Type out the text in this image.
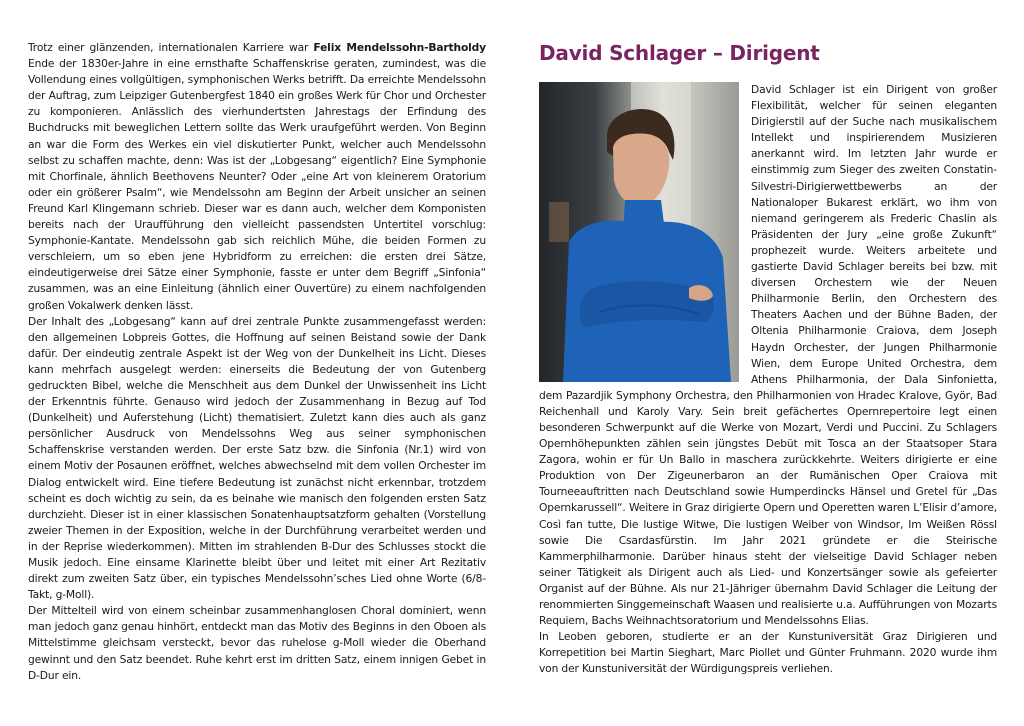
Trotz einer glänzenden, internationalen Karriere war Felix Mendelssohn-Bartholdy Ende der 1830er-Jahre in eine ernsthafte Schaffenskrise geraten, zumindest, was die Vollendung eines vollgültigen, symphonischen Werks betrifft. Da erreichte Mendelssohn der Auftrag, zum Leipziger Gutenbergfest 1840 ein großes Werk für Chor und Orchester zu komponieren. Anlässlich des vierhundertsten Jahrestags der Erfindung des Buchdrucks mit beweglichen Lettern sollte das Werk uraufgeführt werden. Von Beginn an war die Form des Werkes ein viel diskutierter Punkt, welcher auch Mendelssohn selbst zu schaffen machte, denn: Was ist der „Lobgesang“ eigentlich? Eine Symphonie mit Chorfinale, ähnlich Beethovens Neunter? Oder „eine Art von kleinerem Oratorium oder ein größerer Psalm“, wie Mendelssohn am Beginn der Arbeit unsicher an seinen Freund Karl Klingemann schrieb. Dieser war es dann auch, welcher dem Komponisten bereits nach der Uraufführung den vielleicht passendsten Untertitel vorschlug: Symphonie-Kantate. Mendelssohn gab sich reichlich Mühe, die beiden Formen zu verschleiern, um so eben jene Hybridform zu erreichen: die ersten drei Sätze, eindeutigerweise drei Sätze einer Symphonie, fasste er unter dem Begriff „Sinfonia“ zusammen, was an eine Einleitung (ähnlich einer Ouvertüre) zu einem nachfolgenden großen Vokalwerk denken lässt.

Der Inhalt des „Lobgesang“ kann auf drei zentrale Punkte zusammengefasst werden: den allgemeinen Lobpreis Gottes, die Hoffnung auf seinen Beistand sowie der Dank dafür. Der eindeutig zentrale Aspekt ist der Weg von der Dunkelheit ins Licht. Dieses kann mehrfach ausgelegt werden: einerseits die Bedeutung der von Gutenberg gedruckten Bibel, welche die Menschheit aus dem Dunkel der Unwissenheit ins Licht der Erkenntnis führte. Genauso wird jedoch der Zusammenhang in Bezug auf Tod (Dunkelheit) und Auferstehung (Licht) thematisiert. Zuletzt kann dies auch als ganz persönlicher Ausdruck von Mendelssohns Weg aus seiner symphonischen Schaffenskrise verstanden werden. Der erste Satz bzw. die Sinfonia (Nr.1) wird von einem Motiv der Posaunen eröffnet, welches abwechselnd mit dem vollen Orchester im Dialog entwickelt wird. Eine tiefere Bedeutung ist zunächst nicht erkennbar, trotzdem scheint es doch wichtig zu sein, da es beinahe wie manisch den folgenden ersten Satz durchzieht. Dieser ist in einer klassischen Sonatenhauptsatzform gehalten (Vorstellung zweier Themen in der Exposition, welche in der Durchführung verarbeitet werden und in der Reprise wiederkommen). Mitten im strahlenden B-Dur des Schlusses stockt die Musik jedoch. Eine einsame Klarinette bleibt über und leitet mit einer Art Rezitativ direkt zum zweiten Satz über, ein typisches Mendelssohn’sches Lied ohne Worte (6/8-Takt, g-Moll).

Der Mittelteil wird von einem scheinbar zusammenhanglosen Choral dominiert, wenn man jedoch ganz genau hinhört, entdeckt man das Motiv des Beginns in den Oboen als Mittelstimme gleichsam versteckt, bevor das ruhelose g-Moll wieder die Oberhand gewinnt und den Satz beendet. Ruhe kehrt erst im dritten Satz, einem innigen Gebet in D-Dur ein.

David Schlager – Dirigent

David Schlager ist ein Dirigent von großer Flexibilität, welcher für seinen eleganten Dirigierstil auf der Suche nach musikalischem Intellekt und inspirierendem Musizieren anerkannt wird. Im letzten Jahr wurde er einstimmig zum Sieger des zweiten Constatin-Silvestri-Dirigierwettbewerbs an der Nationaloper Bukarest erklärt, wo ihm von niemand geringerem als Frederic Chaslin als Präsidenten der Jury „eine große Zukunft“ prophezeit wurde. Weiters arbeitete und gastierte David Schlager bereits bei bzw. mit diversen Orchestern wie der Neuen Philharmonie Berlin, den Orchestern des Theaters Aachen und der Bühne Baden, der Oltenia Philharmonie Craiova, dem Joseph Haydn Orchester, der Jungen Philharmonie Wien, dem Europe United Orchestra, dem Athens Philharmonia, der Dala Sinfonietta, dem Pazardjik Symphony Orchestra, den Philharmonien von Hradec Kralove, Györ, Bad Reichenhall und Karoly Vary. Sein breit gefächertes Opernrepertoire legt einen besonderen Schwerpunkt auf die Werke von Mozart, Verdi und Puccini. Zu Schlagers Opernhöhepunkten zählen sein jüngstes Debüt mit Tosca an der Staatsoper Stara Zagora, wohin er für Un Ballo in maschera zurückkehrte. Weiters dirigierte er eine Produktion von Der Zigeunerbaron an der Rumänischen Oper Craiova mit Tourneeauftritten nach Deutschland sowie Humperdincks Hänsel und Gretel für „Das Opernkarussell“. Weitere in Graz dirigierte Opern und Operetten waren L’Elisir d’amore, Così fan tutte, Die lustige Witwe, Die lustigen Weiber von Windsor, Im Weißen Rössl sowie Die Csardasfürstin. Im Jahr 2021 gründete er die Steirische Kammerphilharmonie. Darüber hinaus steht der vielseitige David Schlager neben seiner Tätigkeit als Dirigent auch als Lied- und Konzertsänger sowie als gefeierter Organist auf der Bühne. Als nur 21-Jähriger übernahm David Schlager die Leitung der renommierten Singgemeinschaft Waasen und realisierte u.a. Aufführungen von Mozarts Requiem, Bachs Weihnachtsoratorium und Mendelssohns Elias.

In Leoben geboren, studierte er an der Kunstuniversität Graz Dirigieren und Korrepetition bei Martin Sieghart, Marc Piollet und Günter Fruhmann. 2020 wurde ihm von der Kunstuniversität der Würdigungspreis verliehen.
